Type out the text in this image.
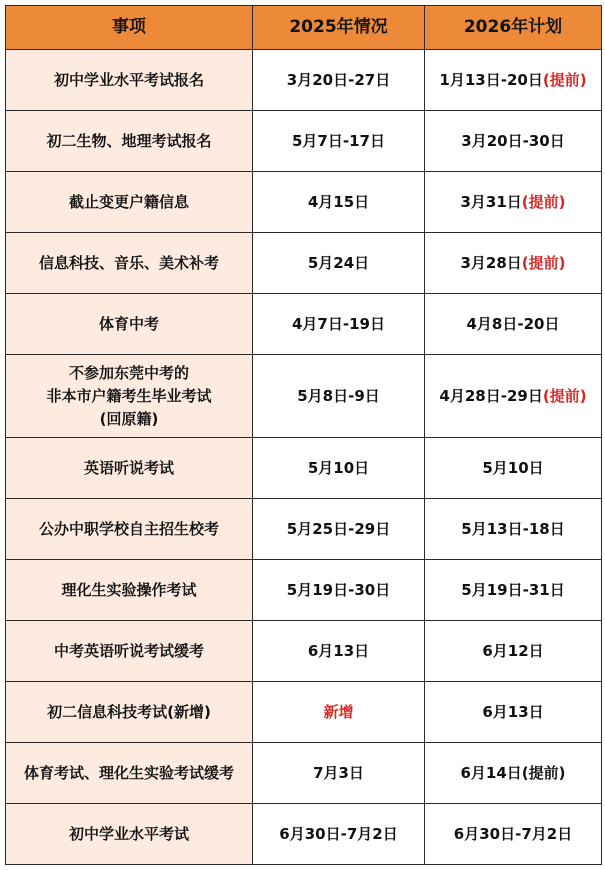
事项	2025年情况	2026年计划

初中学业水平考试报名	3月20日-27日	1月13日-20日(提前)

初二生物、地理考试报名	5月7日-17日	3月20日-30日

截止变更户籍信息	4月15日	3月31日(提前)

信息科技、音乐、美术补考	5月24日	3月28日(提前)

体育中考	4月7日-19日	4月8日-20日

不参加东莞中考的
非本市户籍考生毕业考试
(回原籍)	5月8日-9日	4月28日-29日(提前)

英语听说考试	5月10日	5月10日

公办中职学校自主招生校考	5月25日-29日	5月13日-18日

理化生实验操作考试	5月19日-30日	5月19日-31日

中考英语听说考试缓考	6月13日	6月12日

初二信息科技考试(新增)	新增	6月13日

体育考试、理化生实验考试缓考	7月3日	6月14日(提前)

初中学业水平考试	6月30日-7月2日	6月30日-7月2日
